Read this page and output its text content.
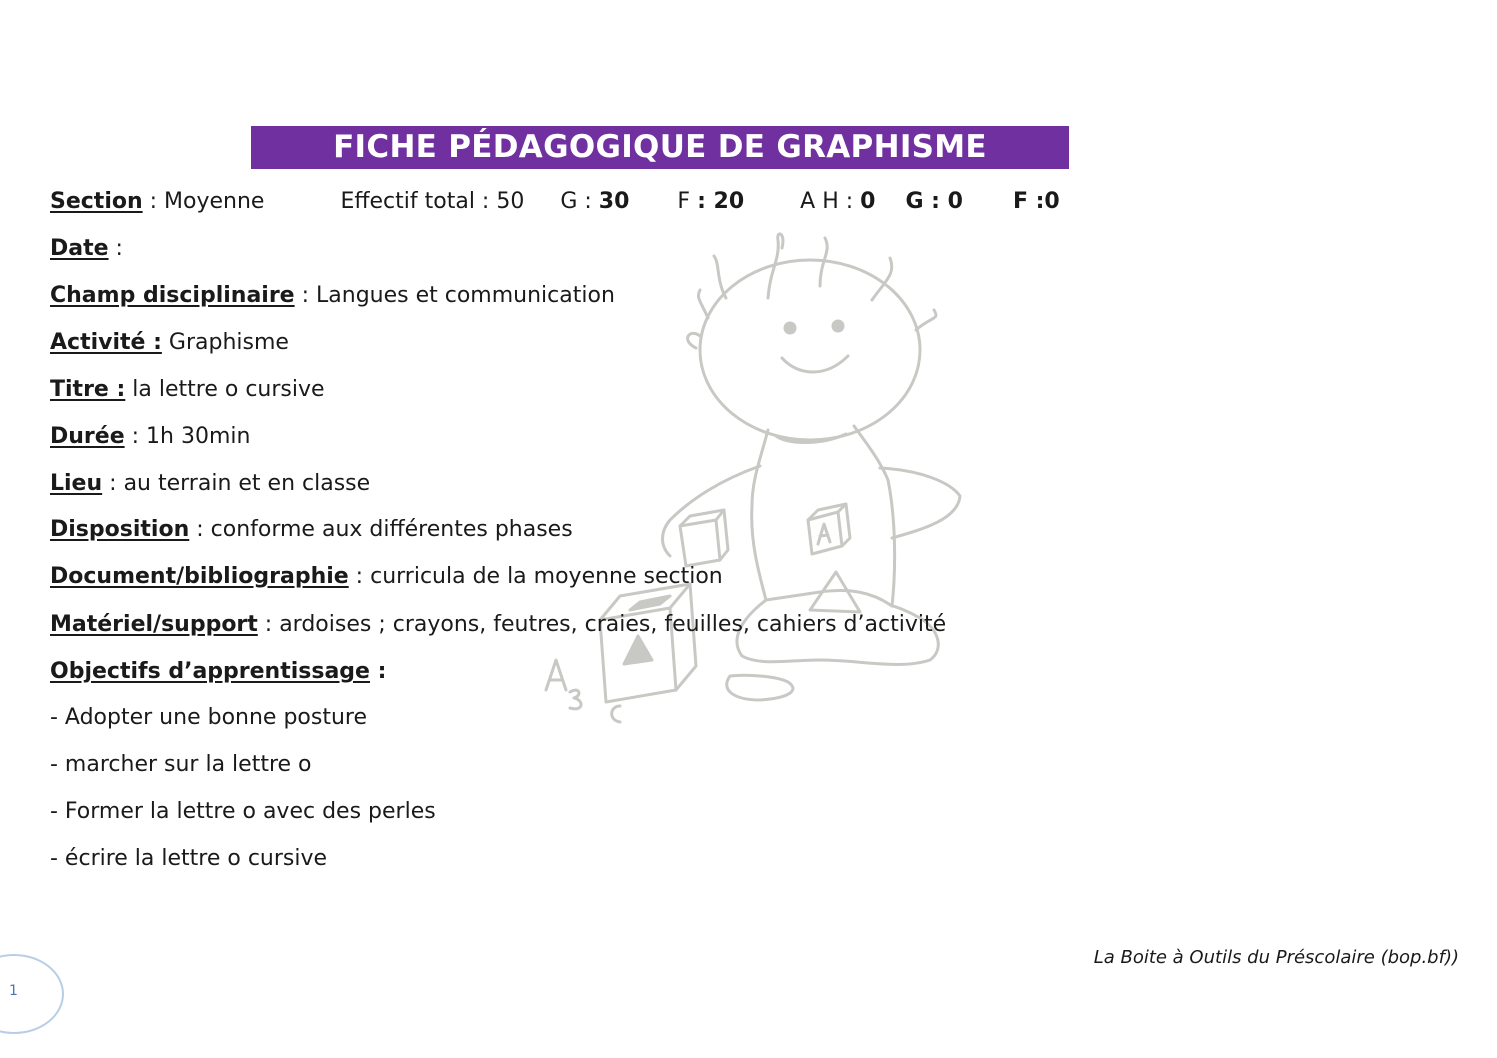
FICHE PÉDAGOGIQUE DE GRAPHISME
Section : Moyenne	Effectif total : 50 G : 30 F : 20	A H : 0 G : 0 F :0
Date :
Champ disciplinaire : Langues et communication
Activité : Graphisme
Titre : la lettre o cursive
Durée : 1h 30min
Lieu : au terrain et en classe
Disposition : conforme aux différentes phases
Document/bibliographie : curricula de la moyenne section
Matériel/support : ardoises ; crayons, feutres, craies, feuilles, cahiers d’activité
Objectifs d’apprentissage :
- Adopter une bonne posture
- marcher sur la lettre o
- Former la lettre o avec des perles
- écrire la lettre o cursive
La Boite à Outils du Préscolaire (bop.bf))
1
